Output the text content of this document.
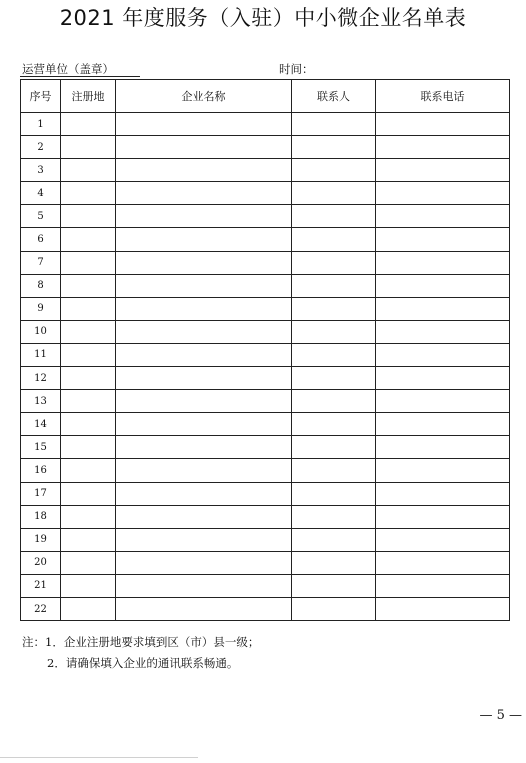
2021 年度服务（入驻）中小微企业名单表
运营单位（盖章）	时间：
序号	注册地	企业名称	联系人	联系电话
1				
2				
3				
4				
5				
6				
7				
8				
9				
10				
11				
12				
13				
14				
15				
16				
17				
18				
19				
20				
21				
22				
注：1．企业注册地要求填到区（市）县一级；
2．请确保填入企业的通讯联系畅通。
— 5 —
